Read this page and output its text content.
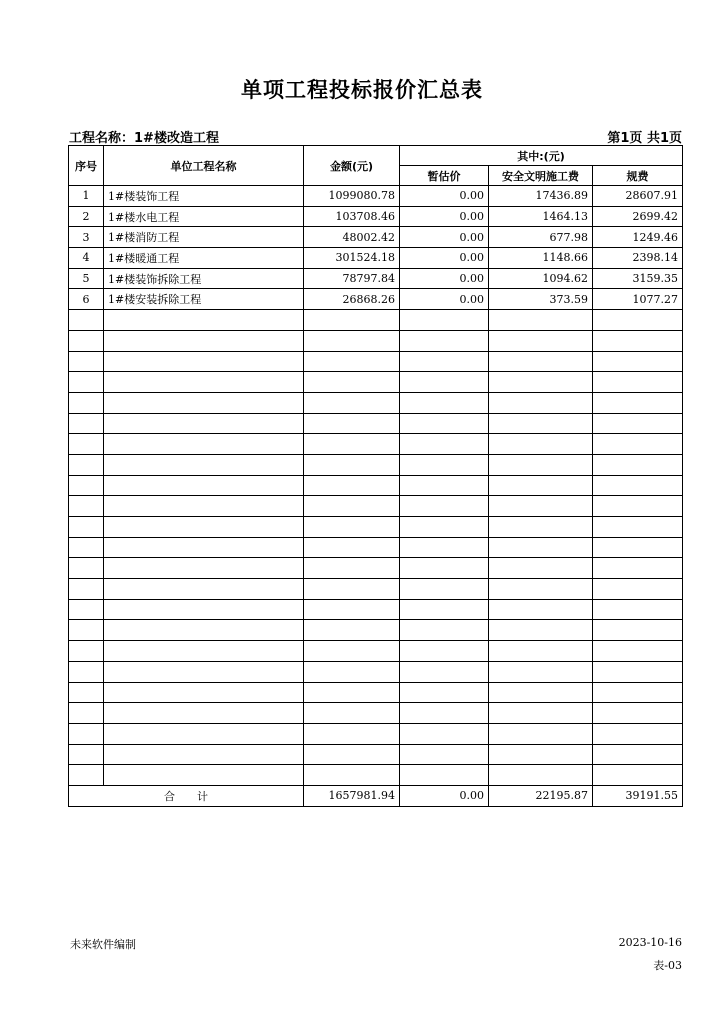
单项工程投标报价汇总表
工程名称：1#楼改造工程	第1页 共1页
序号	单位工程名称	金额(元)	其中:(元)		
			暂估价	安全文明施工费	规费
1	1#楼装饰工程	1099080.78	0.00	17436.89	28607.91
2	1#楼水电工程	103708.46	0.00	1464.13	2699.42
3	1#楼消防工程	48002.42	0.00	677.98	1249.46
4	1#楼暖通工程	301524.18	0.00	1148.66	2398.14
5	1#楼装饰拆除工程	78797.84	0.00	1094.62	3159.35
6	1#楼安装拆除工程	26868.26	0.00	373.59	1077.27

合　　计		1657981.94	0.00	22195.87	39191.55
未来软件编制	2023-10-16
表-03
